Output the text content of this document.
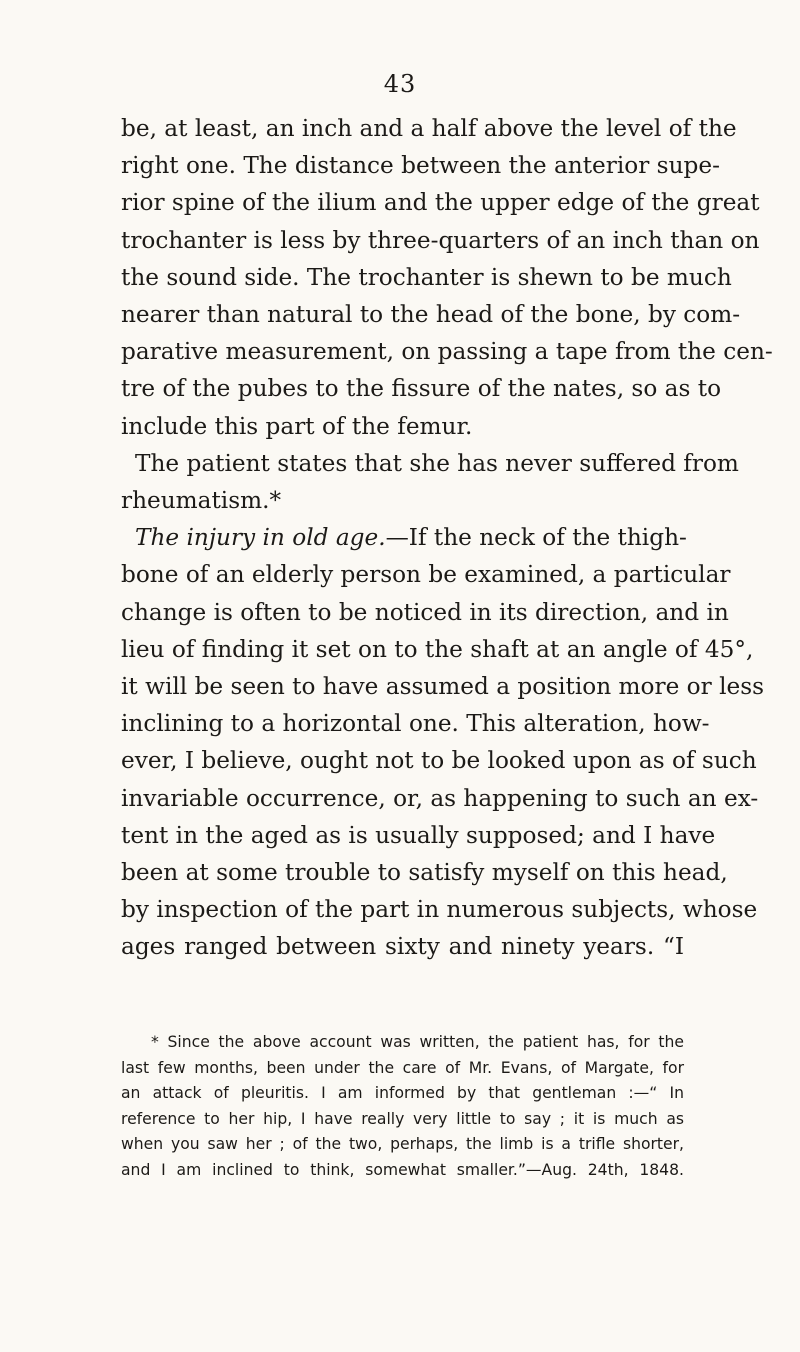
43
be, at least, an inch and a half above the level of the
right one. The distance between the anterior supe-
rior spine of the ilium and the upper edge of the great
trochanter is less by three-quarters of an inch than on
the sound side. The trochanter is shewn to be much
nearer than natural to the head of the bone, by com-
parative measurement, on passing a tape from the cen-
tre of the pubes to the fissure of the nates, so as to
include this part of the femur.
The patient states that she has never suffered from
rheumatism.*
The injury in old age.—If the neck of the thigh-
bone of an elderly person be examined, a particular
change is often to be noticed in its direction, and in
lieu of finding it set on to the shaft at an angle of 45°,
it will be seen to have assumed a position more or less
inclining to a horizontal one. This alteration, how-
ever, I believe, ought not to be looked upon as of such
invariable occurrence, or, as happening to such an ex-
tent in the aged as is usually supposed; and I have
been at some trouble to satisfy myself on this head,
by inspection of the part in numerous subjects, whose
ages ranged between sixty and ninety years. “I
* Since the above account was written, the patient has, for the
last few months, been under the care of Mr. Evans, of Margate, for
an attack of pleuritis. I am informed by that gentleman :—“ In
reference to her hip, I have really very little to say ; it is much as
when you saw her ; of the two, perhaps, the limb is a trifle shorter,
and I am inclined to think, somewhat smaller.”—Aug. 24th, 1848.
